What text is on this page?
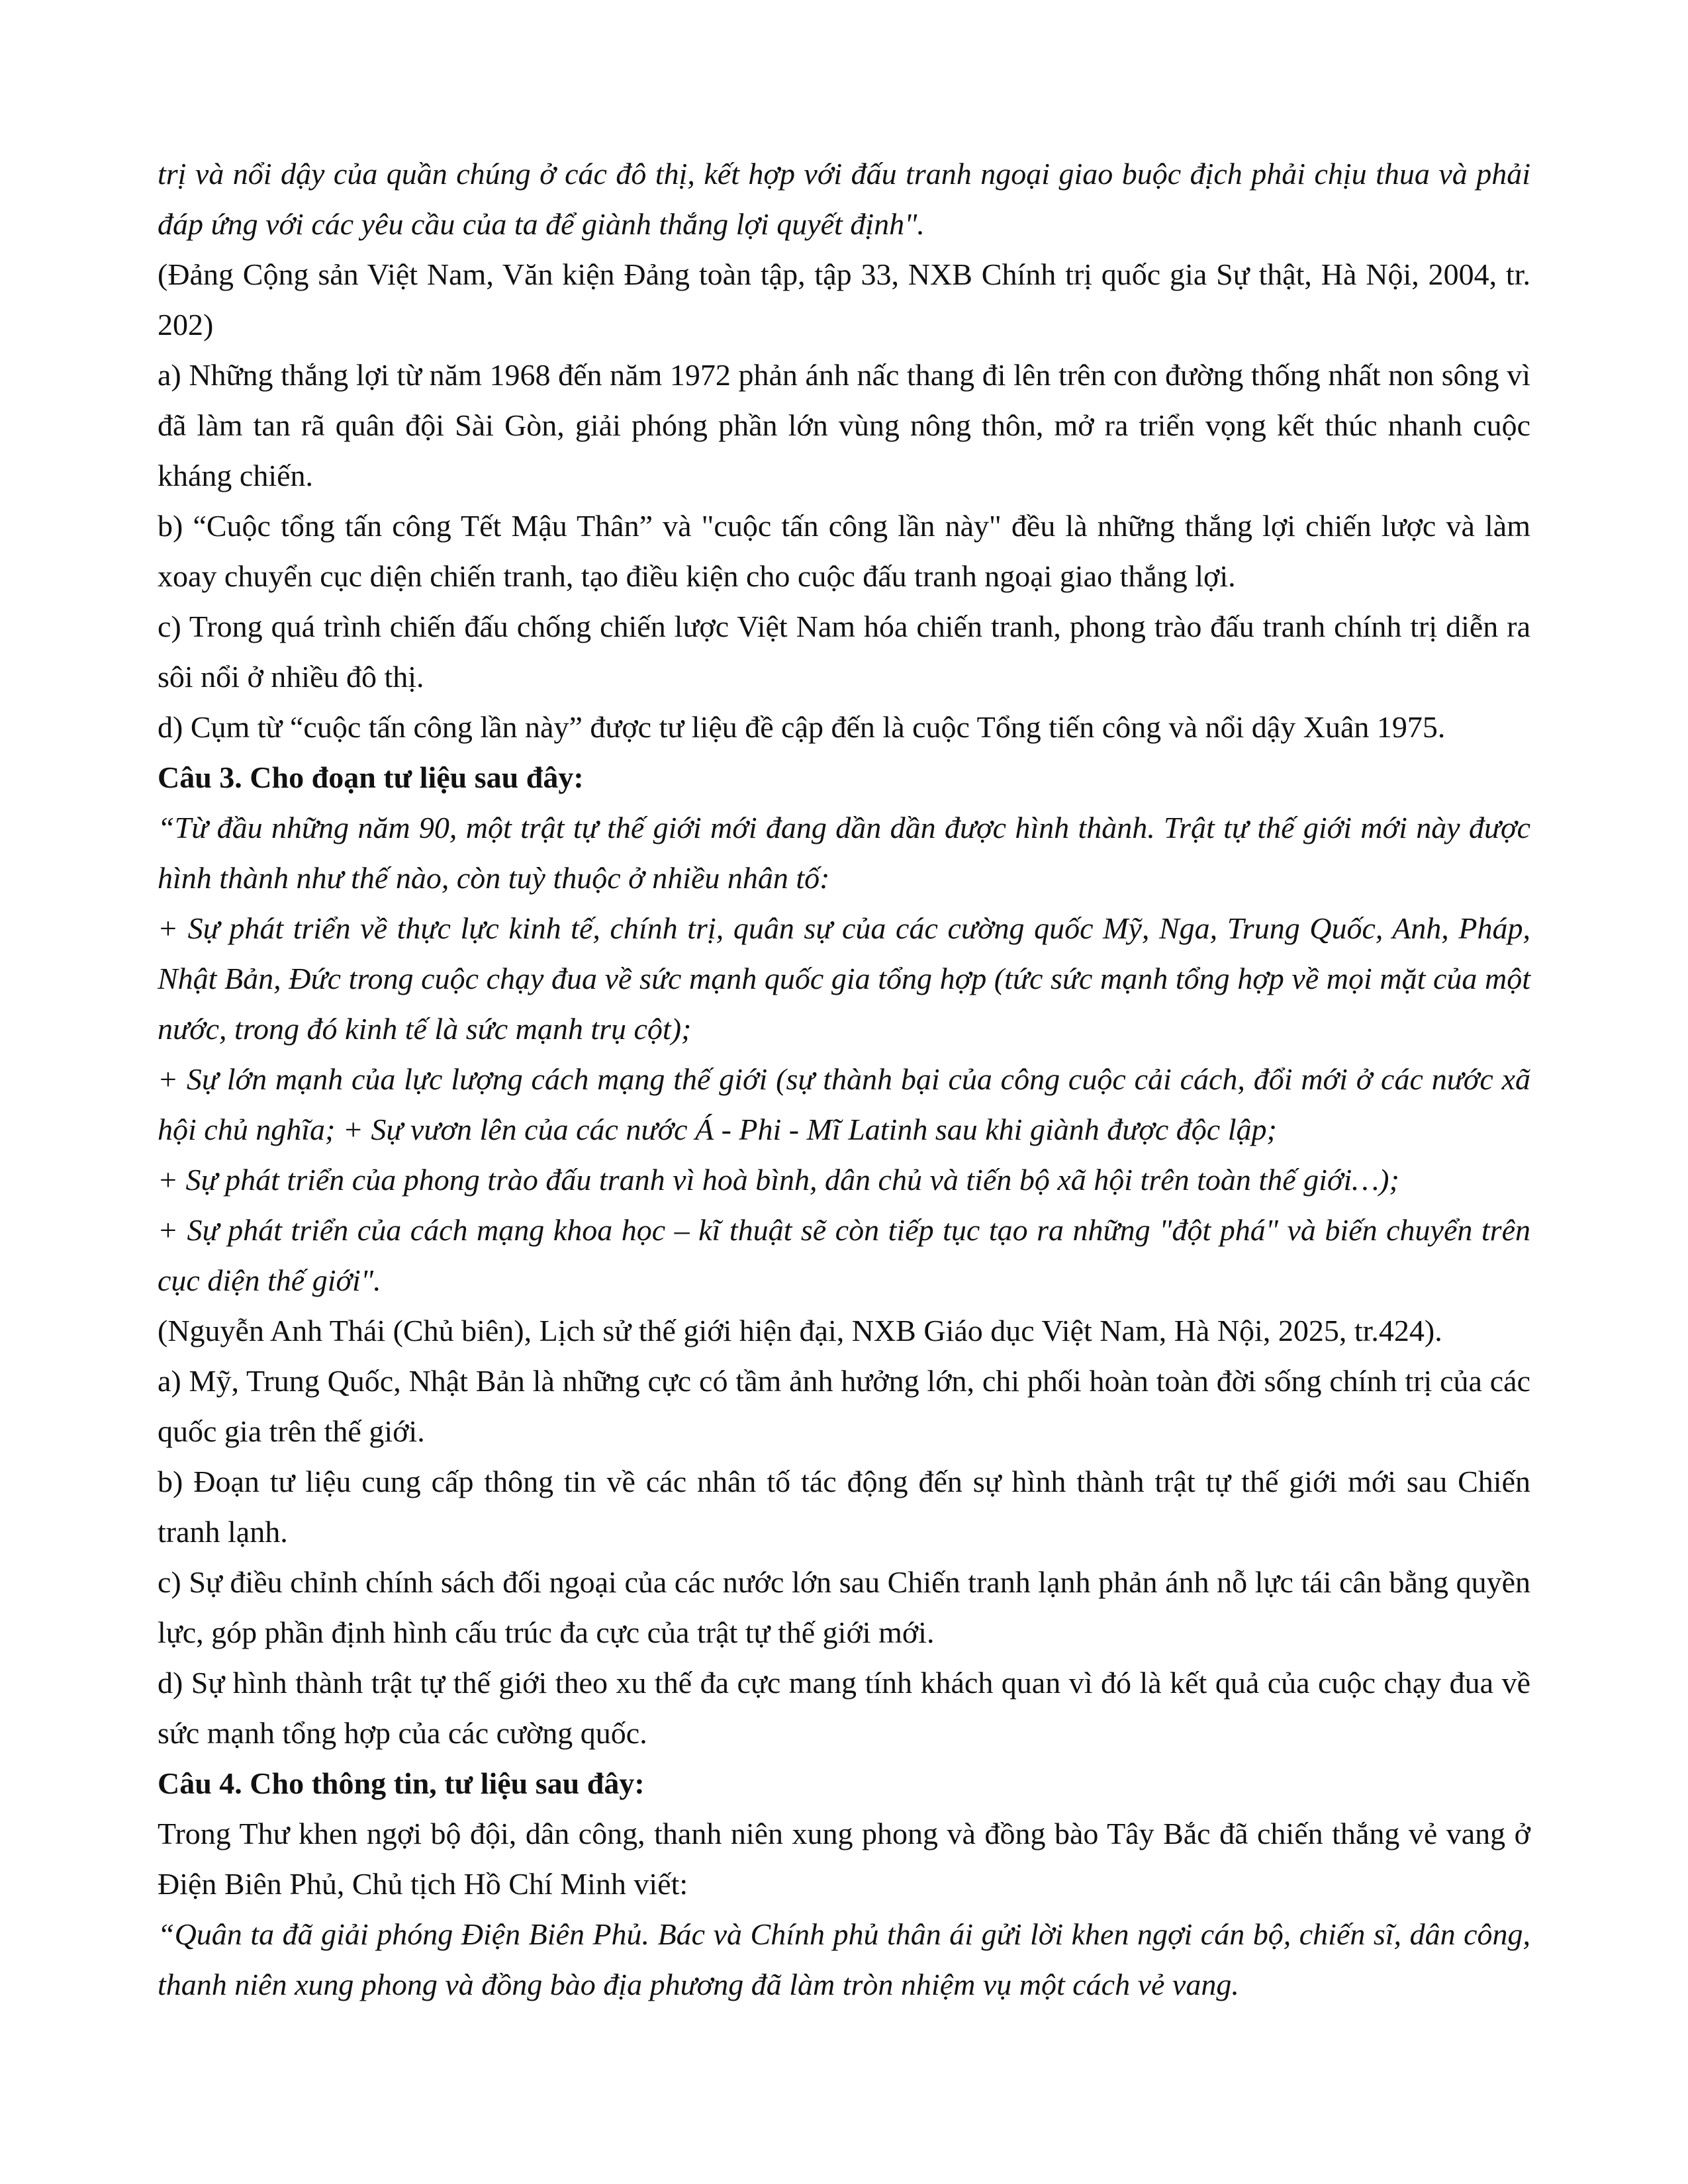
trị và nổi dậy của quần chúng ở các đô thị, kết hợp với đấu tranh ngoại giao buộc địch phải chịu thua và phải đáp ứng với các yêu cầu của ta để giành thắng lợi quyết định".

(Đảng Cộng sản Việt Nam, Văn kiện Đảng toàn tập, tập 33, NXB Chính trị quốc gia Sự thật, Hà Nội, 2004, tr. 202)

a) Những thắng lợi từ năm 1968 đến năm 1972 phản ánh nấc thang đi lên trên con đường thống nhất non sông vì đã làm tan rã quân đội Sài Gòn, giải phóng phần lớn vùng nông thôn, mở ra triển vọng kết thúc nhanh cuộc kháng chiến.

b) “Cuộc tổng tấn công Tết Mậu Thân” và "cuộc tấn công lần này" đều là những thắng lợi chiến lược và làm xoay chuyển cục diện chiến tranh, tạo điều kiện cho cuộc đấu tranh ngoại giao thắng lợi.

c) Trong quá trình chiến đấu chống chiến lược Việt Nam hóa chiến tranh, phong trào đấu tranh chính trị diễn ra sôi nổi ở nhiều đô thị.

d) Cụm từ “cuộc tấn công lần này” được tư liệu đề cập đến là cuộc Tổng tiến công và nổi dậy Xuân 1975.

Câu 3. Cho đoạn tư liệu sau đây:

“Từ đầu những năm 90, một trật tự thế giới mới đang dần dần được hình thành. Trật tự thế giới mới này được hình thành như thế nào, còn tuỳ thuộc ở nhiều nhân tố:

+ Sự phát triển về thực lực kinh tế, chính trị, quân sự của các cường quốc Mỹ, Nga, Trung Quốc, Anh, Pháp, Nhật Bản, Đức trong cuộc chạy đua về sức mạnh quốc gia tổng hợp (tức sức mạnh tổng hợp về mọi mặt của một nước, trong đó kinh tế là sức mạnh trụ cột);

+ Sự lớn mạnh của lực lượng cách mạng thế giới (sự thành bại của công cuộc cải cách, đổi mới ở các nước xã hội chủ nghĩa; + Sự vươn lên của các nước Á - Phi - Mĩ Latinh sau khi giành được độc lập;

+ Sự phát triển của phong trào đấu tranh vì hoà bình, dân chủ và tiến bộ xã hội trên toàn thế giới…);

+ Sự phát triển của cách mạng khoa học – kĩ thuật sẽ còn tiếp tục tạo ra những "đột phá" và biến chuyển trên cục diện thế giới".

(Nguyễn Anh Thái (Chủ biên), Lịch sử thế giới hiện đại, NXB Giáo dục Việt Nam, Hà Nội, 2025, tr.424).

a) Mỹ, Trung Quốc, Nhật Bản là những cực có tầm ảnh hưởng lớn, chi phối hoàn toàn đời sống chính trị của các quốc gia trên thế giới.

b) Đoạn tư liệu cung cấp thông tin về các nhân tố tác động đến sự hình thành trật tự thế giới mới sau Chiến tranh lạnh.

c) Sự điều chỉnh chính sách đối ngoại của các nước lớn sau Chiến tranh lạnh phản ánh nỗ lực tái cân bằng quyền lực, góp phần định hình cấu trúc đa cực của trật tự thế giới mới.

d) Sự hình thành trật tự thế giới theo xu thế đa cực mang tính khách quan vì đó là kết quả của cuộc chạy đua về sức mạnh tổng hợp của các cường quốc.

Câu 4. Cho thông tin, tư liệu sau đây:

Trong Thư khen ngợi bộ đội, dân công, thanh niên xung phong và đồng bào Tây Bắc đã chiến thắng vẻ vang ở Điện Biên Phủ, Chủ tịch Hồ Chí Minh viết:

“Quân ta đã giải phóng Điện Biên Phủ. Bác và Chính phủ thân ái gửi lời khen ngợi cán bộ, chiến sĩ, dân công, thanh niên xung phong và đồng bào địa phương đã làm tròn nhiệm vụ một cách vẻ vang.
